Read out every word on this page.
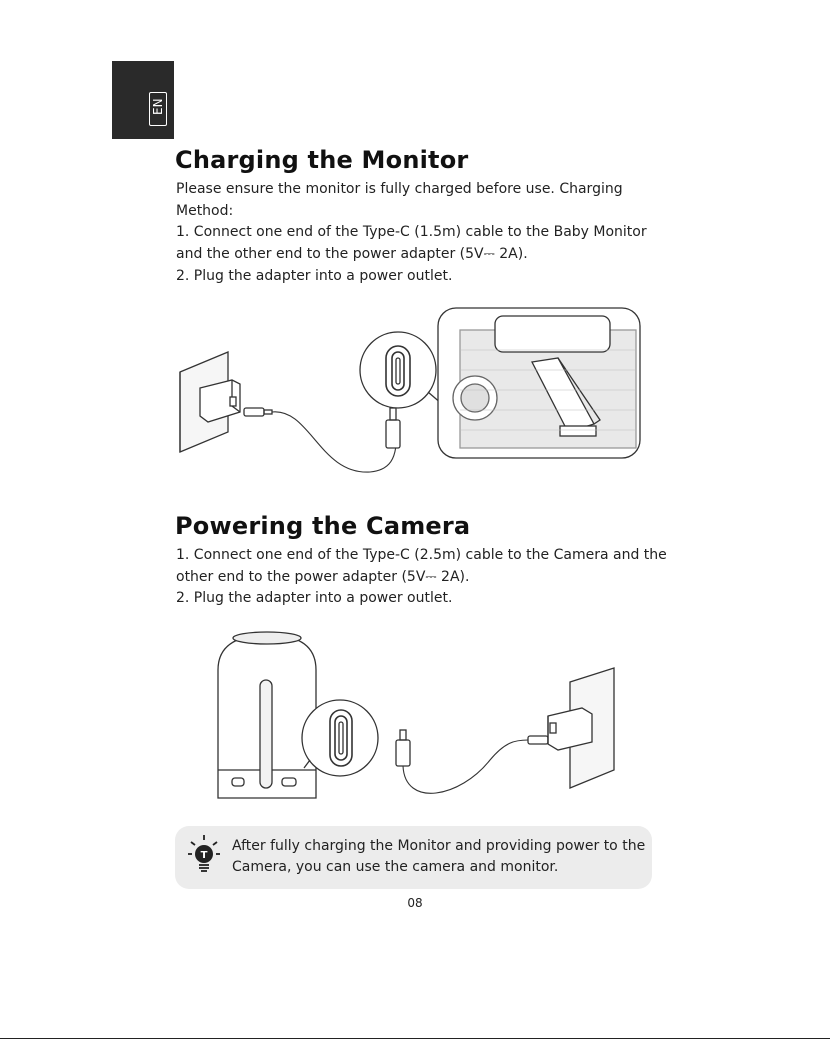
EN
Charging the Monitor
Please ensure the monitor is fully charged before use. Charging
Method:
1. Connect one end of the Type-C (1.5m) cable to the Baby Monitor
and the other end to the power adapter (5V⎓ 2A).
2. Plug the adapter into a power outlet.
Powering the Camera
1. Connect one end of the Type-C (2.5m) cable to the Camera and the
other end to the power adapter (5V⎓ 2A).
2. Plug the adapter into a power outlet.
T
After fully charging the Monitor and providing power to the
Camera, you can use the camera and monitor.
08
